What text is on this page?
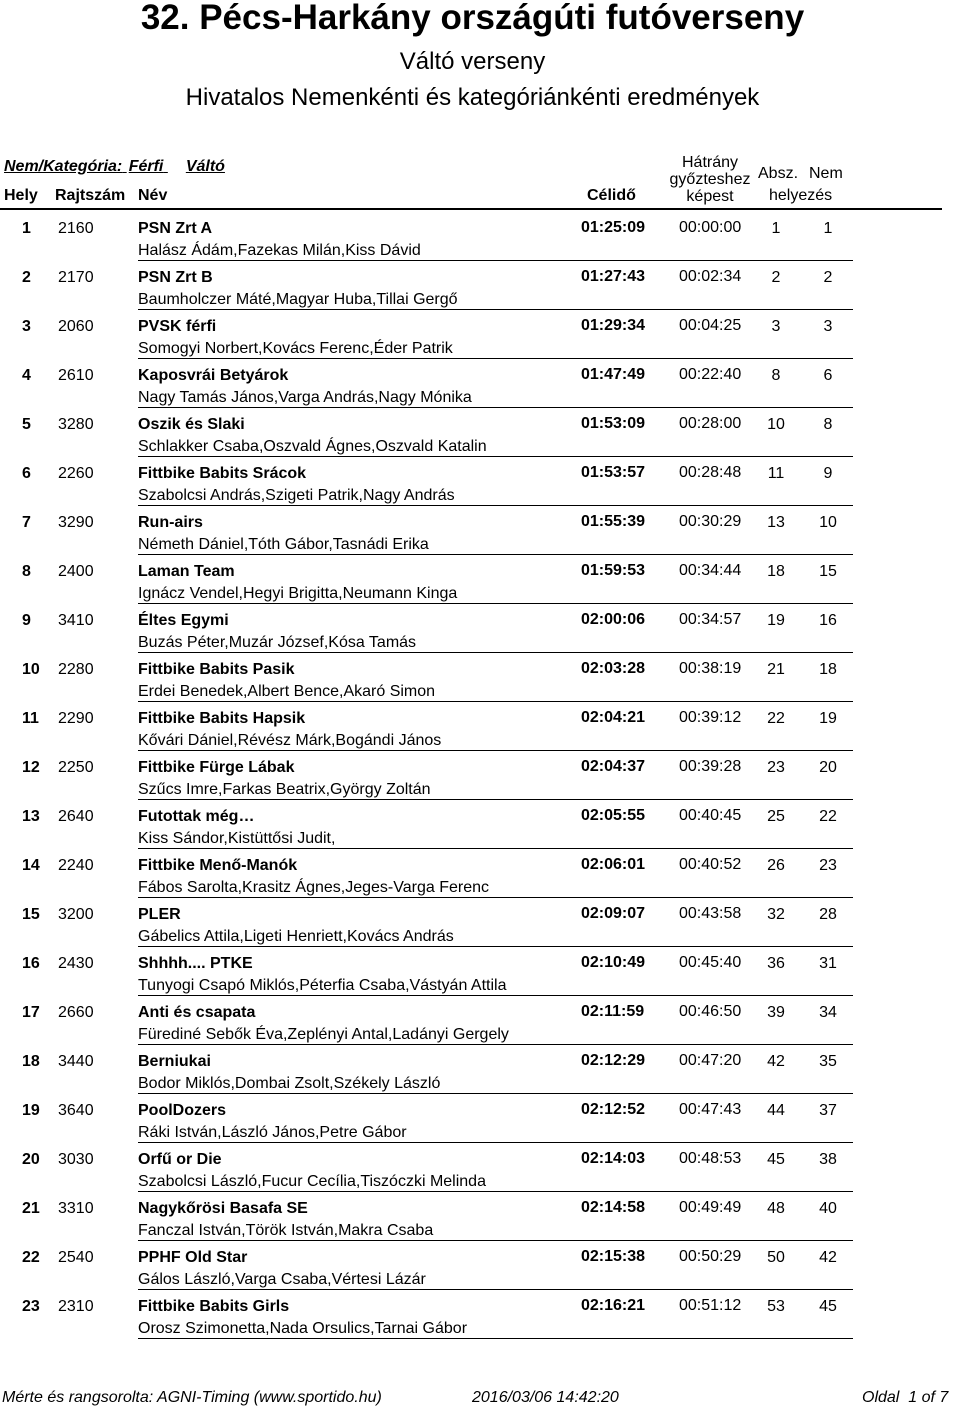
32. Pécs-Harkány országúti futóverseny
Váltó verseny
Hivatalos Nemenkénti és kategóriánkénti eredmények
Nem/Kategória: Férfi Váltó
Hely Rajtszám Név	Célidő
Hátrány győzteshez képest
Absz. Nem
helyezés
1 2160	PSN Zrt A	01:25:09 00:00:00	1	1
Halász Ádám,Fazekas Milán,Kiss Dávid
2 2170	PSN Zrt B	01:27:43 00:02:34	2	2
Baumholczer Máté,Magyar Huba,Tillai Gergő
3 2060	PVSK férfi	01:29:34 00:04:25	3	3
Somogyi Norbert,Kovács Ferenc,Éder Patrik
4 2610	Kaposvrái Betyárok	01:47:49 00:22:40	8	6
Nagy Tamás János,Varga András,Nagy Mónika
5 3280	Oszik és Slaki	01:53:09 00:28:00	10	8
Schlakker Csaba,Oszvald Ágnes,Oszvald Katalin
6 2260	Fittbike Babits Srácok	01:53:57 00:28:48	11	9
Szabolcsi András,Szigeti Patrik,Nagy András
7 3290	Run-airs	01:55:39 00:30:29	13	10
Németh Dániel,Tóth Gábor,Tasnádi Erika
8 2400	Laman Team	01:59:53 00:34:44	18	15
Ignácz Vendel,Hegyi Brigitta,Neumann Kinga
9 3410	Éltes Egymi	02:00:06 00:34:57	19	16
Buzás Péter,Muzár József,Kósa Tamás
10 2280	Fittbike Babits Pasik	02:03:28 00:38:19	21	18
Erdei Benedek,Albert Bence,Akaró Simon
11 2290	Fittbike Babits Hapsik	02:04:21 00:39:12	22	19
Kővári Dániel,Révész Márk,Bogándi János
12 2250	Fittbike Fürge Lábak	02:04:37 00:39:28	23	20
Szűcs Imre,Farkas Beatrix,György Zoltán
13 2640	Futottak még…	02:05:55 00:40:45	25	22
Kiss Sándor,Kistüttősi Judit,
14 2240	Fittbike Menő-Manók	02:06:01 00:40:52	26	23
Fábos Sarolta,Krasitz Ágnes,Jeges-Varga Ferenc
15 3200	PLER	02:09:07 00:43:58	32	28
Gábelics Attila,Ligeti Henriett,Kovács András
16 2430	Shhhh.... PTKE	02:10:49 00:45:40	36	31
Tunyogi Csapó Miklós,Péterfia Csaba,Vástyán Attila
17 2660	Anti és csapata	02:11:59 00:46:50	39	34
Fürediné Sebők Éva,Zeplényi Antal,Ladányi Gergely
18 3440	Berniukai	02:12:29 00:47:20	42	35
Bodor Miklós,Dombai Zsolt,Székely László
19 3640	PoolDozers	02:12:52 00:47:43	44	37
Ráki István,László János,Petre Gábor
20 3030	Orfű or Die	02:14:03 00:48:53	45	38
Szabolcsi László,Fucur Cecília,Tiszóczki Melinda
21 3310	Nagykőrösi Basafa SE	02:14:58 00:49:49	48	40
Fanczal István,Török István,Makra Csaba
22 2540	PPHF Old Star	02:15:38 00:50:29	50	42
Gálos László,Varga Csaba,Vértesi Lázár
23 2310	Fittbike Babits Girls	02:16:21 00:51:12	53	45
Orosz Szimonetta,Nada Orsulics,Tarnai Gábor
Mérte és rangsorolta: AGNI-Timing (www.sportido.hu)	2016/03/06 14:42:20	Oldal  1 of 7
